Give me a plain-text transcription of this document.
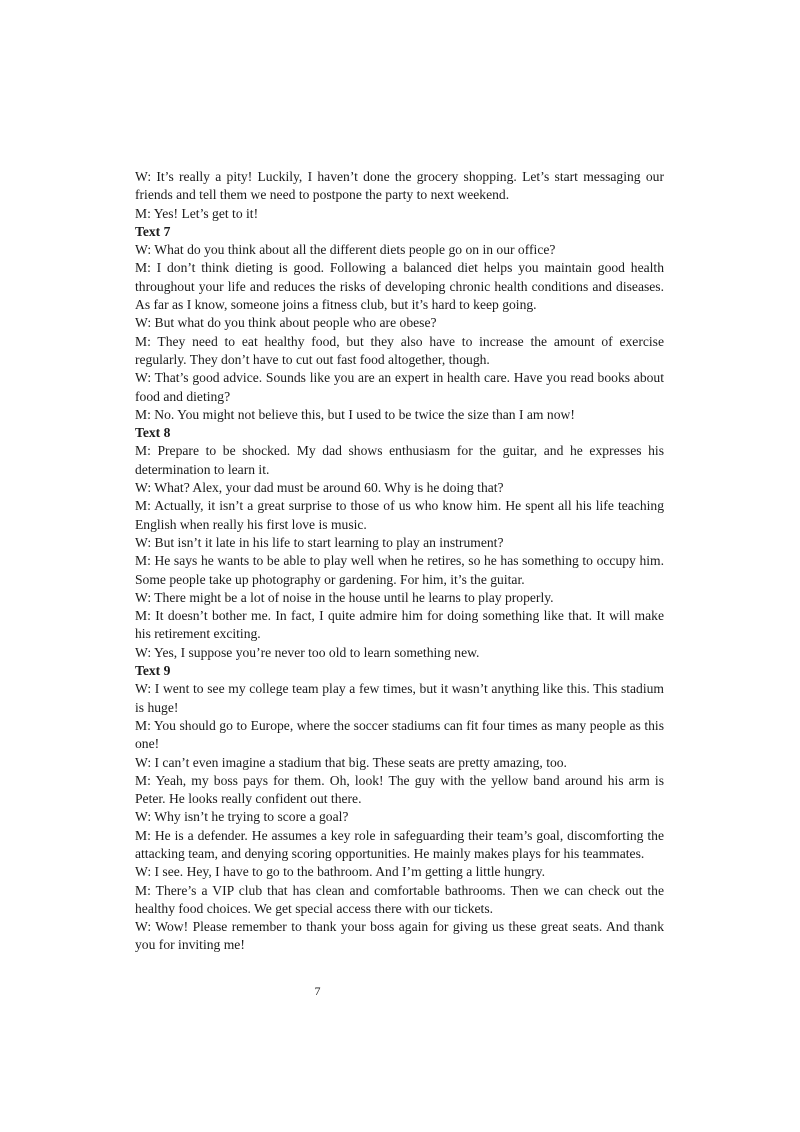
W: It’s really a pity! Luckily, I haven’t done the grocery shopping. Let’s start messaging our friends and tell them we need to postpone the party to next weekend.

M: Yes! Let’s get to it!

Text 7

W: What do you think about all the different diets people go on in our office?

M: I don’t think dieting is good. Following a balanced diet helps you maintain good health throughout your life and reduces the risks of developing chronic health conditions and diseases. As far as I know, someone joins a fitness club, but it’s hard to keep going.

W: But what do you think about people who are obese?

M: They need to eat healthy food, but they also have to increase the amount of exercise regularly. They don’t have to cut out fast food altogether, though.

W: That’s good advice. Sounds like you are an expert in health care. Have you read books about food and dieting?

M: No. You might not believe this, but I used to be twice the size than I am now!

Text 8

M: Prepare to be shocked. My dad shows enthusiasm for the guitar, and he expresses his determination to learn it.

W: What? Alex, your dad must be around 60. Why is he doing that?

M: Actually, it isn’t a great surprise to those of us who know him. He spent all his life teaching English when really his first love is music.

W: But isn’t it late in his life to start learning to play an instrument?

M: He says he wants to be able to play well when he retires, so he has something to occupy him. Some people take up photography or gardening. For him, it’s the guitar.

W: There might be a lot of noise in the house until he learns to play properly.

M: It doesn’t bother me. In fact, I quite admire him for doing something like that. It will make his retirement exciting.

W: Yes, I suppose you’re never too old to learn something new.

Text 9

W: I went to see my college team play a few times, but it wasn’t anything like this. This stadium is huge!

M: You should go to Europe, where the soccer stadiums can fit four times as many people as this one!

W: I can’t even imagine a stadium that big. These seats are pretty amazing, too.

M: Yeah, my boss pays for them. Oh, look! The guy with the yellow band around his arm is Peter. He looks really confident out there.

W: Why isn’t he trying to score a goal?

M: He is a defender. He assumes a key role in safeguarding their team’s goal, discomforting the attacking team, and denying scoring opportunities. He mainly makes plays for his teammates.

W: I see. Hey, I have to go to the bathroom. And I’m getting a little hungry.

M: There’s a VIP club that has clean and comfortable bathrooms. Then we can check out the healthy food choices. We get special access there with our tickets.

W: Wow! Please remember to thank your boss again for giving us these great seats. And thank you for inviting me!

7
